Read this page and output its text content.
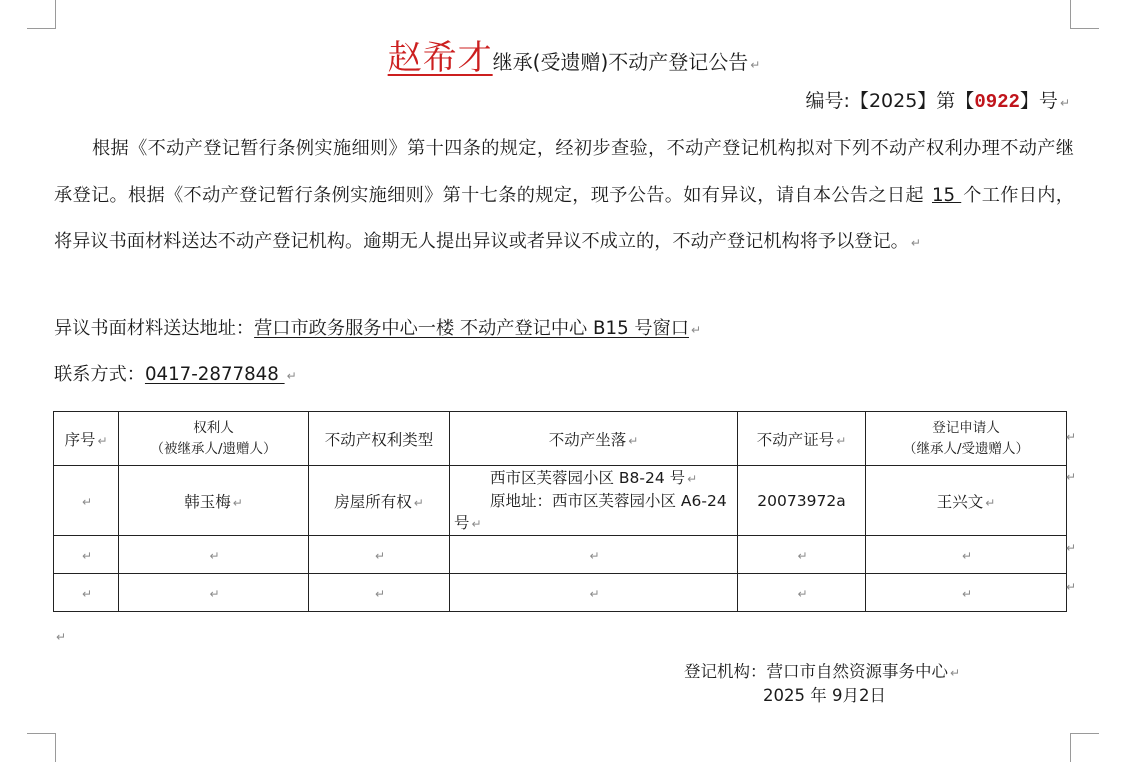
赵希才继承(受遗赠)不动产登记公告 ↵
编号:【2025】第【0922】号 ↵

根据《不动产登记暂行条例实施细则》第十四条的规定，经初步查验，不动产登记机构拟对下列不动产权利办理不动产继承登记。根据《不动产登记暂行条例实施细则》第十七条的规定，现予公告。如有异议，请自本公告之日起 15 个工作日内，将异议书面材料送达不动产登记机构。逾期无人提出异议或者异议不成立的，不动产登记机构将予以登记。 ↵

异议书面材料送达地址：营口市政务服务中心一楼 不动产登记中心 B15 号窗口 ↵
联系方式：0417-2877848 ↵
序号 ↵	权利人
（被继承人/遗赠人）	不动产权利类型	不动产坐落 ↵	不动产证号 ↵	登记申请人
（继承人/受遗赠人）

↵	韩玉梅 ↵	房屋所有权 ↵	西市区芙蓉园小区 B8-24 号 ↵
原地址：西市区芙蓉园小区 A6-24 号 ↵	20073972a	王兴文 ↵
↵	↵	↵	↵	↵	↵
↵	↵	↵	↵	↵	↵
↵
↵
↵
↵
↵
登记机构：营口市自然资源事务中心 ↵
2025 年 9月2日
